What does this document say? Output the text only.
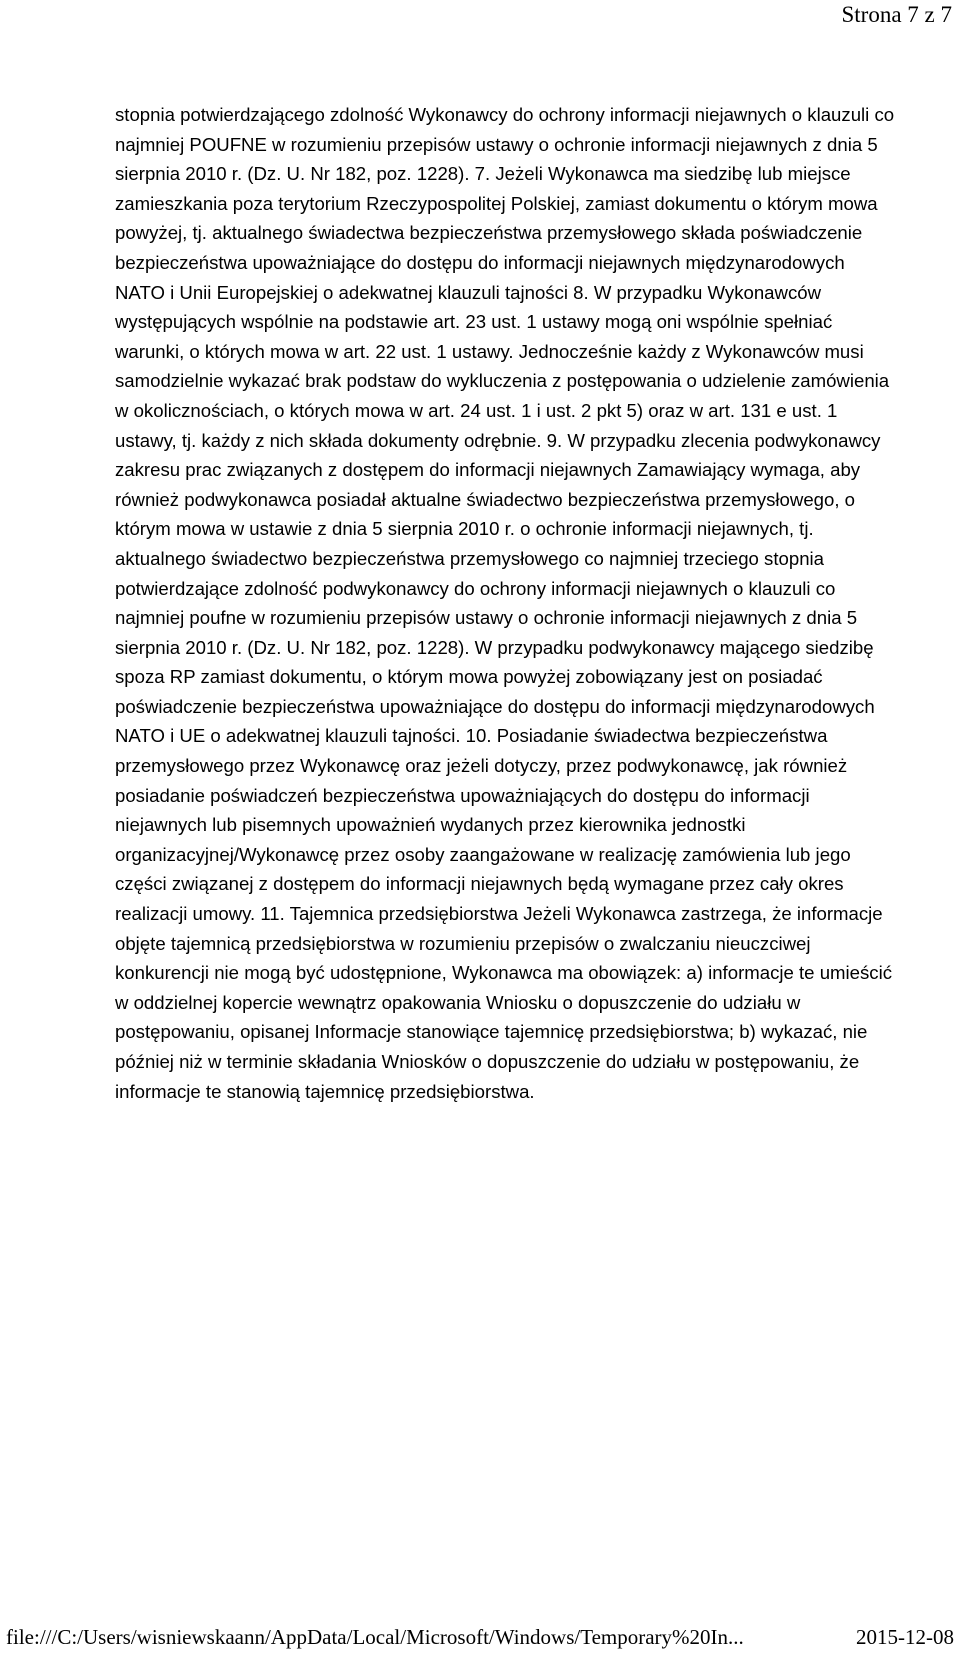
Strona 7 z 7
stopnia potwierdzającego zdolność Wykonawcy do ochrony informacji niejawnych o klauzuli co
najmniej POUFNE w rozumieniu przepisów ustawy o ochronie informacji niejawnych z dnia 5
sierpnia 2010 r. (Dz. U. Nr 182, poz. 1228). 7. Jeżeli Wykonawca ma siedzibę lub miejsce
zamieszkania poza terytorium Rzeczypospolitej Polskiej, zamiast dokumentu o którym mowa
powyżej, tj. aktualnego świadectwa bezpieczeństwa przemysłowego składa poświadczenie
bezpieczeństwa upoważniające do dostępu do informacji niejawnych międzynarodowych
NATO i Unii Europejskiej o adekwatnej klauzuli tajności 8. W przypadku Wykonawców
występujących wspólnie na podstawie art. 23 ust. 1 ustawy mogą oni wspólnie spełniać
warunki, o których mowa w art. 22 ust. 1 ustawy. Jednocześnie każdy z Wykonawców musi
samodzielnie wykazać brak podstaw do wykluczenia z postępowania o udzielenie zamówienia
w okolicznościach, o których mowa w art. 24 ust. 1 i ust. 2 pkt 5) oraz w art. 131 e ust. 1
ustawy, tj. każdy z nich składa dokumenty odrębnie. 9. W przypadku zlecenia podwykonawcy
zakresu prac związanych z dostępem do informacji niejawnych Zamawiający wymaga, aby
również podwykonawca posiadał aktualne świadectwo bezpieczeństwa przemysłowego, o
którym mowa w ustawie z dnia 5 sierpnia 2010 r. o ochronie informacji niejawnych, tj.
aktualnego świadectwo bezpieczeństwa przemysłowego co najmniej trzeciego stopnia
potwierdzające zdolność podwykonawcy do ochrony informacji niejawnych o klauzuli co
najmniej poufne w rozumieniu przepisów ustawy o ochronie informacji niejawnych z dnia 5
sierpnia 2010 r. (Dz. U. Nr 182, poz. 1228). W przypadku podwykonawcy mającego siedzibę
spoza RP zamiast dokumentu, o którym mowa powyżej zobowiązany jest on posiadać
poświadczenie bezpieczeństwa upoważniające do dostępu do informacji międzynarodowych
NATO i UE o adekwatnej klauzuli tajności. 10. Posiadanie świadectwa bezpieczeństwa
przemysłowego przez Wykonawcę oraz jeżeli dotyczy, przez podwykonawcę, jak również
posiadanie poświadczeń bezpieczeństwa upoważniających do dostępu do informacji
niejawnych lub pisemnych upoważnień wydanych przez kierownika jednostki
organizacyjnej/Wykonawcę przez osoby zaangażowane w realizację zamówienia lub jego
części związanej z dostępem do informacji niejawnych będą wymagane przez cały okres
realizacji umowy. 11. Tajemnica przedsiębiorstwa Jeżeli Wykonawca zastrzega, że informacje
objęte tajemnicą przedsiębiorstwa w rozumieniu przepisów o zwalczaniu nieuczciwej
konkurencji nie mogą być udostępnione, Wykonawca ma obowiązek: a) informacje te umieścić
w oddzielnej kopercie wewnątrz opakowania Wniosku o dopuszczenie do udziału w
postępowaniu, opisanej Informacje stanowiące tajemnicę przedsiębiorstwa; b) wykazać, nie
później niż w terminie składania Wniosków o dopuszczenie do udziału w postępowaniu, że
informacje te stanowią tajemnicę przedsiębiorstwa.
file:///C:/Users/wisniewskaann/AppData/Local/Microsoft/Windows/Temporary%20In...	2015-12-08
